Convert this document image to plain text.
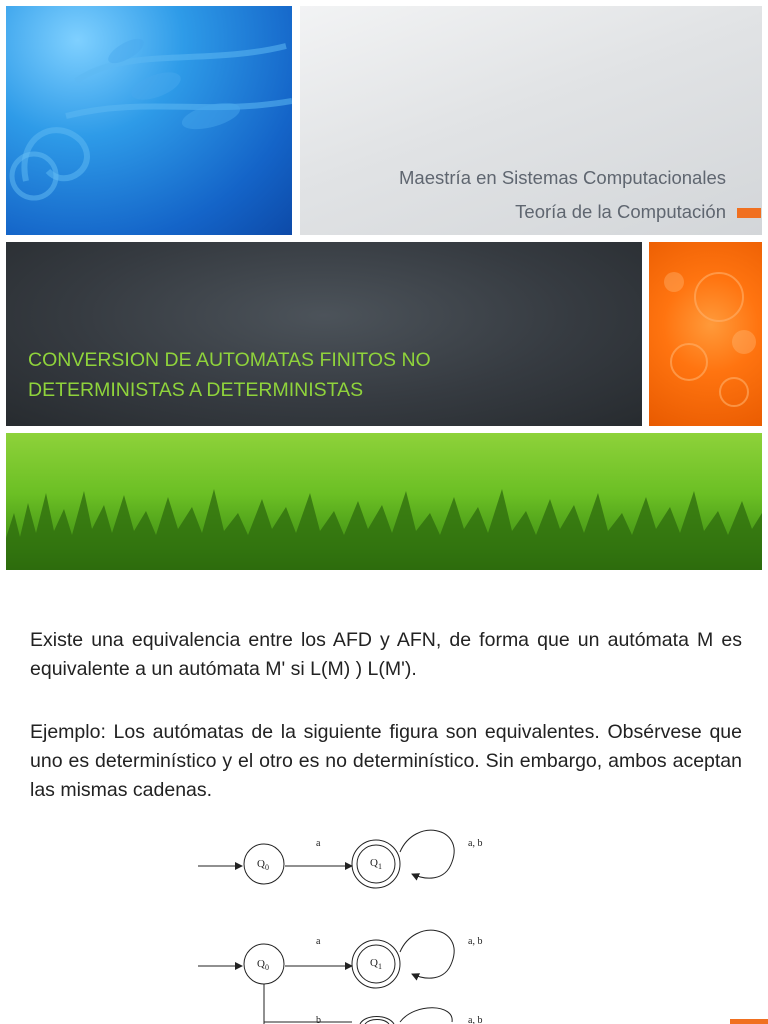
Maestría en Sistemas Computacionales
Teoría de la Computación
CONVERSION DE AUTOMATAS FINITOS NO
DETERMINISTAS A DETERMINISTAS
Existe una equivalencia entre los AFD y AFN, de forma que un autómata M es equivalente a un autómata M' si L(M) ) L(M').
Ejemplo: Los autómatas de la siguiente figura son equivalentes. Obsérvese que uno es determinístico y el otro es no determinístico. Sin embargo, ambos aceptan las mismas cadenas.
$Q_0$
a
$Q_1$
a, b
$Q_0$
a
$Q_1$
a, b
b	a, b
